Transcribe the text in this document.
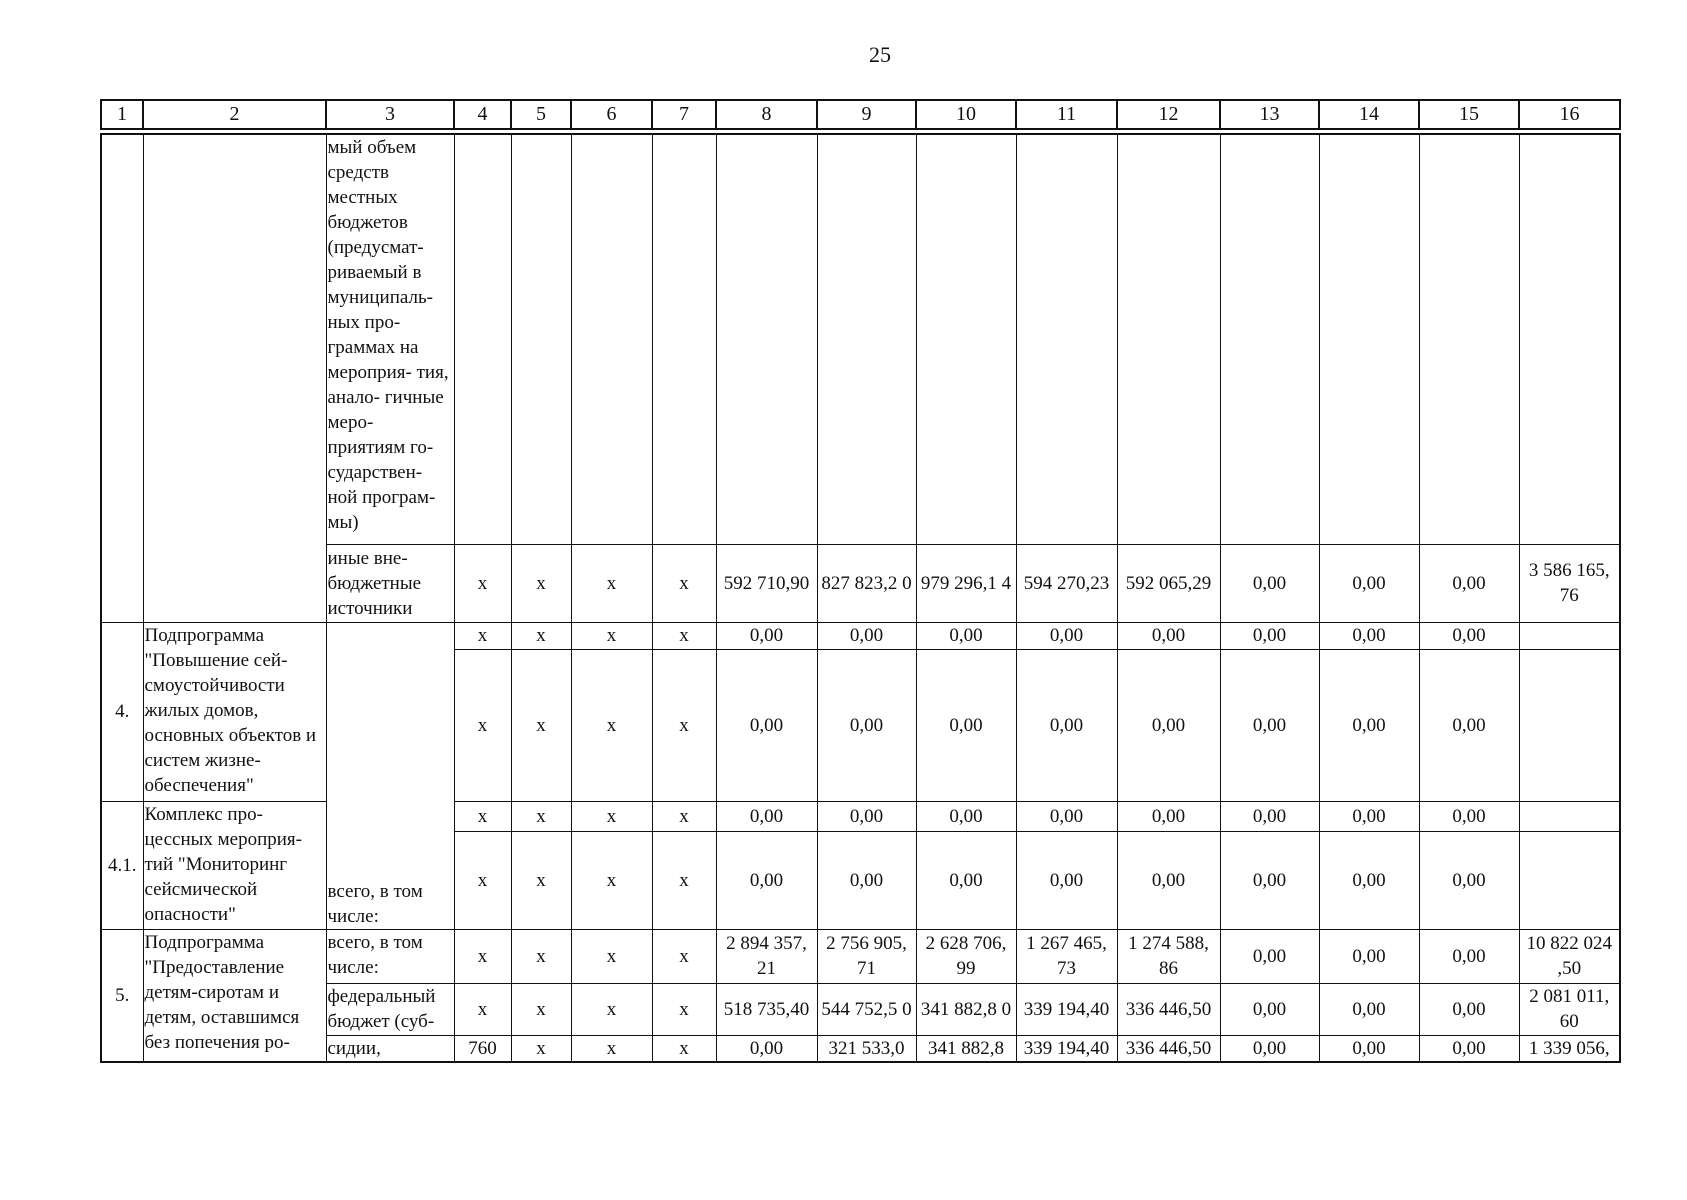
25
1	2	3	4	5	6	7	8	9	10	11	12	13	14	15	16
		мый объем средств местных бюджетов (предусмат- риваемый в муниципаль- ных про- граммах на мероприя- тия, анало- гичные меро- приятиям го- сударствен- ной програм- мы)													
		иные вне- бюджетные источники	х	х	х	х	592 710,90	827 823,2 0	979 296,1 4	594 270,23	592 065,29	0,00	0,00	0,00	3 586 165, 76
4.	Подпрограмма "Повышение сей- смоустойчивости жилых домов, основных объектов и систем жизне- обеспечения"	всего, в том числе:	х	х	х	х	0,00	0,00	0,00	0,00	0,00	0,00	0,00	0,00	
			х	х	х	х	0,00	0,00	0,00	0,00	0,00	0,00	0,00	0,00	
4.1.	Комплекс про- цессных мероприя- тий "Мониторинг сейсмической опасности"		х	х	х	х	0,00	0,00	0,00	0,00	0,00	0,00	0,00	0,00	
			х	х	х	х	0,00	0,00	0,00	0,00	0,00	0,00	0,00	0,00	
5.	Подпрограмма "Предоставление детям-сиротам и детям, оставшимся без попечения ро-	всего, в том числе:	х	х	х	х	2 894 357, 21	2 756 905, 71	2 628 706, 99	1 267 465, 73	1 274 588, 86	0,00	0,00	0,00	10 822 024 ,50
		федеральный бюджет (суб-	х	х	х	х	518 735,40	544 752,5 0	341 882,8 0	339 194,40	336 446,50	0,00	0,00	0,00	2 081 011, 60
		сидии,	760	х	х	х	0,00	321 533,0	341 882,8	339 194,40	336 446,50	0,00	0,00	0,00	1 339 056,
